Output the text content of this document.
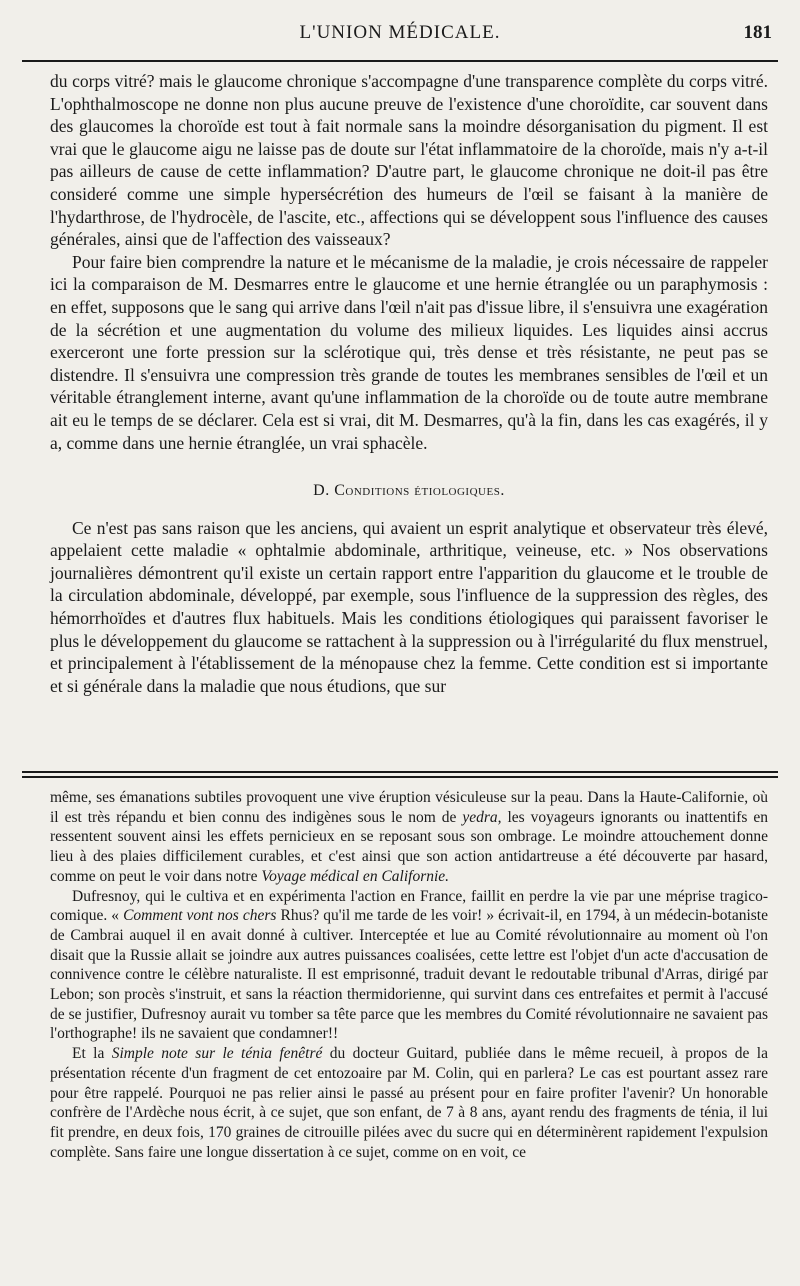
L'UNION MÉDICALE.	181

du corps vitré? mais le glaucome chronique s'accompagne d'une transparence complète du corps vitré. L'ophthalmoscope ne donne non plus aucune preuve de l'existence d'une choroïdite, car souvent dans des glaucomes la choroïde est tout à fait normale sans la moindre désorganisation du pigment. Il est vrai que le glaucome aigu ne laisse pas de doute sur l'état inflammatoire de la choroïde, mais n'y a-t-il pas ailleurs de cause de cette inflammation? D'autre part, le glaucome chronique ne doit-il pas être consideré comme une simple hypersécrétion des humeurs de l'œil se faisant à la manière de l'hydarthrose, de l'hydrocèle, de l'ascite, etc., affections qui se développent sous l'influence des causes générales, ainsi que de l'affection des vaisseaux?

Pour faire bien comprendre la nature et le mécanisme de la maladie, je crois nécessaire de rappeler ici la comparaison de M. Desmarres entre le glaucome et une hernie étranglée ou un paraphymosis : en effet, supposons que le sang qui arrive dans l'œil n'ait pas d'issue libre, il s'ensuivra une exagération de la sécrétion et une augmentation du volume des milieux liquides. Les liquides ainsi accrus exerceront une forte pression sur la sclérotique qui, très dense et très résistante, ne peut pas se distendre. Il s'ensuivra une compression très grande de toutes les membranes sensibles de l'œil et un véritable étranglement interne, avant qu'une inflammation de la choroïde ou de toute autre membrane ait eu le temps de se déclarer. Cela est si vrai, dit M. Desmarres, qu'à la fin, dans les cas exagérés, il y a, comme dans une hernie étranglée, un vrai sphacèle.

D. Conditions étiologiques.

Ce n'est pas sans raison que les anciens, qui avaient un esprit analytique et observateur très élevé, appelaient cette maladie « ophtalmie abdominale, arthritique, veineuse, etc. » Nos observations journalières démontrent qu'il existe un certain rapport entre l'apparition du glaucome et le trouble de la circulation abdominale, développé, par exemple, sous l'influence de la suppression des règles, des hémorrhoïdes et d'autres flux habituels. Mais les conditions étiologiques qui paraissent favoriser le plus le développement du glaucome se rattachent à la suppression ou à l'irrégularité du flux menstruel, et principalement à l'établissement de la ménopause chez la femme. Cette condition est si importante et si générale dans la maladie que nous étudions, que sur

même, ses émanations subtiles provoquent une vive éruption vésiculeuse sur la peau. Dans la Haute-Californie, où il est très répandu et bien connu des indigènes sous le nom de yedra, les voyageurs ignorants ou inattentifs en ressentent souvent ainsi les effets pernicieux en se reposant sous son ombrage. Le moindre attouchement donne lieu à des plaies difficilement curables, et c'est ainsi que son action antidartreuse a été découverte par hasard, comme on peut le voir dans notre Voyage médical en Californie.

Dufresnoy, qui le cultiva et en expérimenta l'action en France, faillit en perdre la vie par une méprise tragico-comique. « Comment vont nos chers Rhus? qu'il me tarde de les voir! » écrivait-il, en 1794, à un médecin-botaniste de Cambrai auquel il en avait donné à cultiver. Interceptée et lue au Comité révolutionnaire au moment où l'on disait que la Russie allait se joindre aux autres puissances coalisées, cette lettre est l'objet d'un acte d'accusation de connivence contre le célèbre naturaliste. Il est emprisonné, traduit devant le redoutable tribunal d'Arras, dirigé par Lebon; son procès s'instruit, et sans la réaction thermidorienne, qui survint dans ces entrefaites et permit à l'accusé de se justifier, Dufresnoy aurait vu tomber sa tête parce que les membres du Comité révolutionnaire ne savaient pas l'orthographe! ils ne savaient que condamner!!

Et la Simple note sur le ténia fenêtré du docteur Guitard, publiée dans le même recueil, à propos de la présentation récente d'un fragment de cet entozoaire par M. Colin, qui en parlera? Le cas est pourtant assez rare pour être rappelé. Pourquoi ne pas relier ainsi le passé au présent pour en faire profiter l'avenir? Un honorable confrère de l'Ardèche nous écrit, à ce sujet, que son enfant, de 7 à 8 ans, ayant rendu des fragments de ténia, il lui fit prendre, en deux fois, 170 graines de citrouille pilées avec du sucre qui en déterminèrent rapidement l'expulsion complète. Sans faire une longue dissertation à ce sujet, comme on en voit, ce
